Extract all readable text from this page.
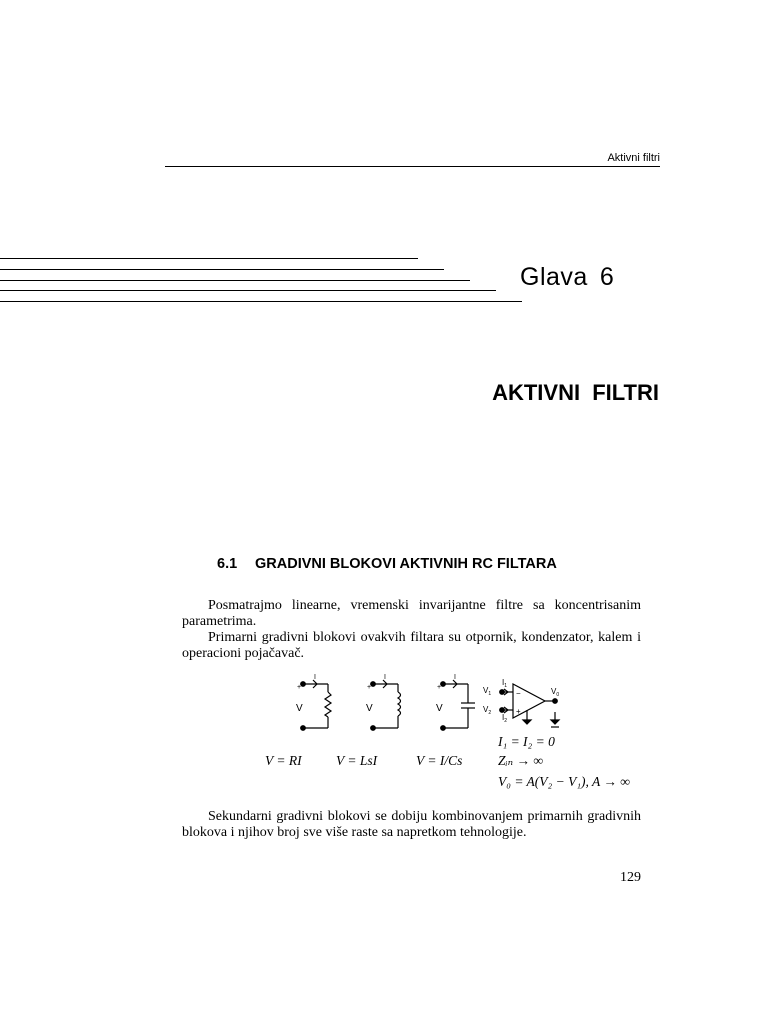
Aktivni filtri
Glava 6
AKTIVNI FILTRI
6.1 GRADIVNI BLOKOVI AKTIVNIH RC FILTARA
Posmatrajmo linearne, vremenski invarijantne filtre sa koncentrisanim parametrima.
Primarni gradivni blokovi ovakvih filtara su otpornik, kondenzator, kalem i operacioni pojačavač.
+
I
+
I
+
I
V	V	V
$V_1$
$V_2$
$V_0$
$I_1$
$I_2$
−
+
V = RI	V = LsI	V = I/Cs
I₁ = I₂ = 0
Zᵢₙ → ∞
V₀ = A(V₂ − V₁), A → ∞
Sekundarni gradivni blokovi se dobiju kombinovanjem primarnih gradivnih blokova i njihov broj sve više raste sa napretkom tehnologije.
129
